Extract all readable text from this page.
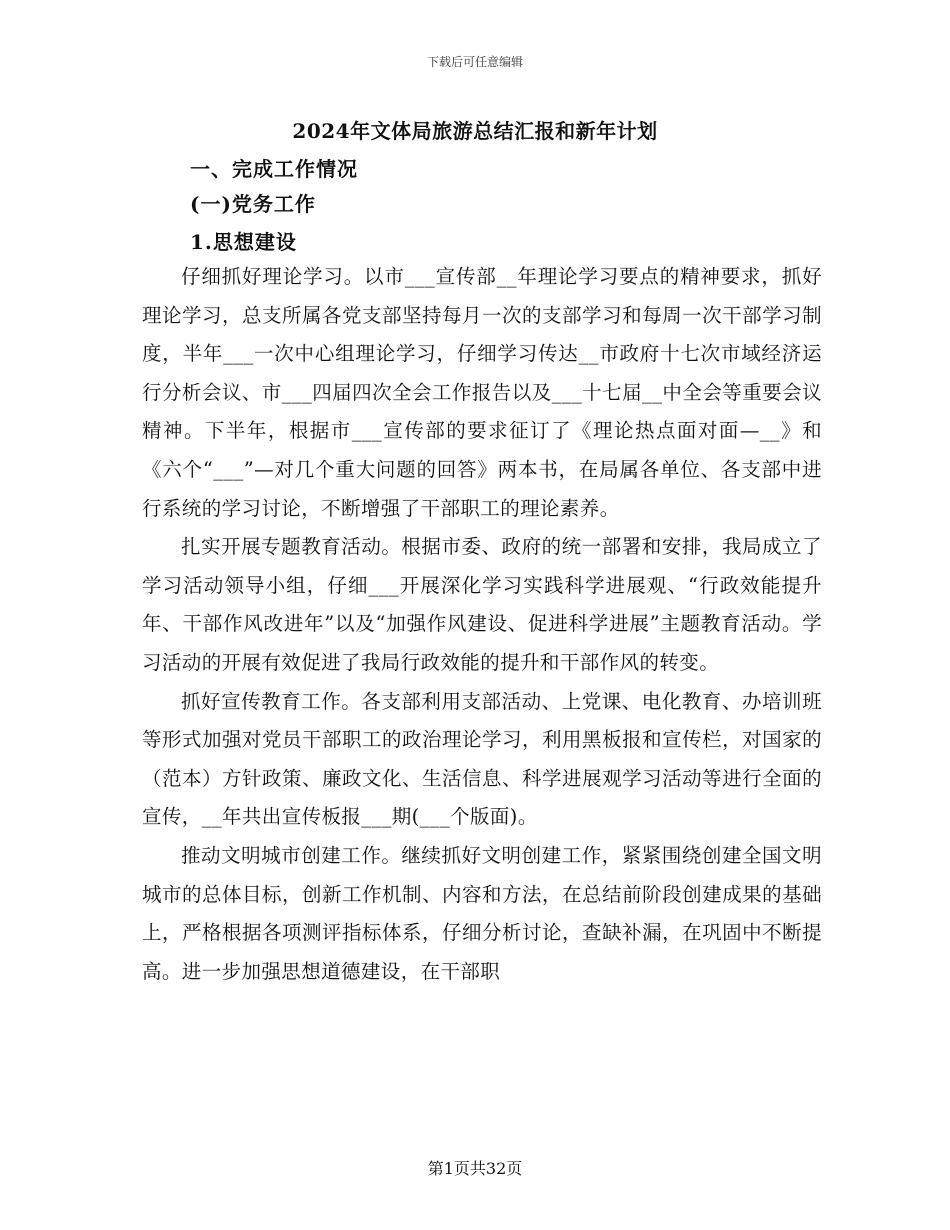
下载后可任意编辑
2024年文体局旅游总结汇报和新年计划
一、完成工作情况
(一)党务工作
1.思想建设

仔细抓好理论学习。以市___宣传部__年理论学习要点的精神要求，抓好理论学习，总支所属各党支部坚持每月一次的支部学习和每周一次干部学习制度，半年___一次中心组理论学习，仔细学习传达__市政府十七次市域经济运行分析会议、市___四届四次全会工作报告以及___十七届__中全会等重要会议精神。下半年，根据市___宣传部的要求征订了《理论热点面对面—__》和《六个“___”—对几个重大问题的回答》两本书，在局属各单位、各支部中进行系统的学习讨论，不断增强了干部职工的理论素养。

扎实开展专题教育活动。根据市委、政府的统一部署和安排，我局成立了学习活动领导小组，仔细___开展深化学习实践科学进展观、“行政效能提升年、干部作风改进年”以及“加强作风建设、促进科学进展”主题教育活动。学习活动的开展有效促进了我局行政效能的提升和干部作风的转变。

抓好宣传教育工作。各支部利用支部活动、上党课、电化教育、办培训班等形式加强对党员干部职工的政治理论学习，利用黑板报和宣传栏，对国家的（范本）方针政策、廉政文化、生活信息、科学进展观学习活动等进行全面的宣传，__年共出宣传板报___期(___个版面)。

推动文明城市创建工作。继续抓好文明创建工作，紧紧围绕创建全国文明城市的总体目标，创新工作机制、内容和方法，在总结前阶段创建成果的基础上，严格根据各项测评指标体系，仔细分析讨论，查缺补漏，在巩固中不断提高。进一步加强思想道德建设，在干部职

第1页共32页
